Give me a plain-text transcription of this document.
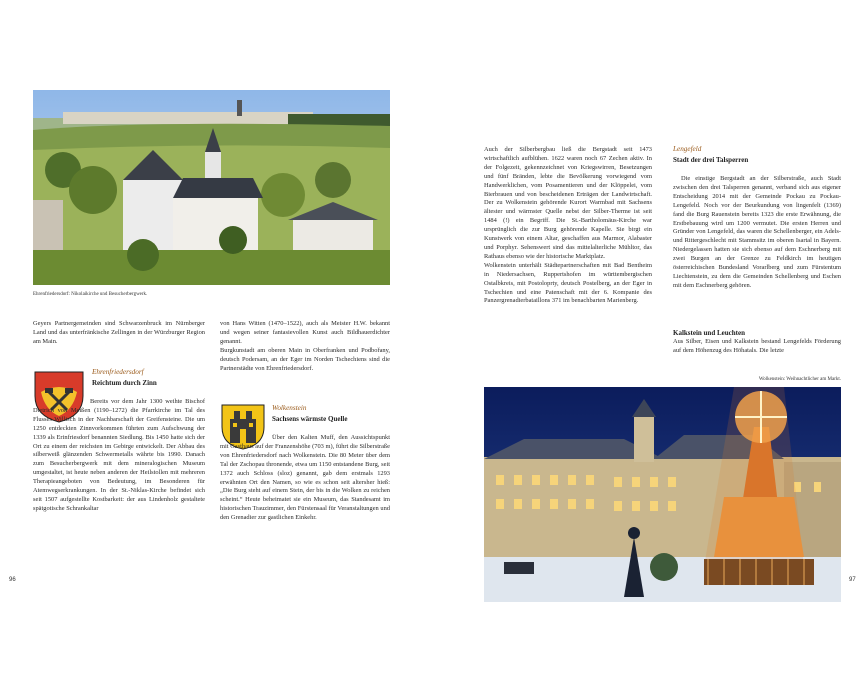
Ehrenfriedersdorf: Nikolaikirche und Besucherbergwerk.
Geyers Partnergemeinden sind Schwarzenbruck im Nürnberger Land und das unterfränkische Zellingen in der Würzburger Region am Main.

von Hans Witten (1470–1522), auch als Meister H.W. bekannt und wegen seiner fantasievollen Kunst auch Bildhauerdichter genannt.

Burgkunstadt am oberen Main in Oberfranken und Podbořany, deutsch Podersam, an der Eger im Norden Tschechiens sind die Partnerstädte von Ehrenfriedersdorf.

Ehrenfriedersdorf
Reichtum durch Zinn
Bereits vor dem Jahr 1300 weihte Bischof Dietrich von Meißen (1190–1272) die Pfarrkirche im Tal des Flusses Willisch in der Nachbarschaft der Greifensteine. Die um 1250 entdeckten Zinnvorkommen führten zum Aufschwung der 1339 als Erinfriesdorf benannten Siedlung. Bis 1450 hatte sich der Ort zu einem der reichsten im Gebirge entwickelt. Der Abbau des silberweiß glänzenden Schwermetalls währte bis 1990. Danach zum Besucherbergwerk mit dem mineralogischen Museum umgestaltet, ist heute neben anderen der Heilstollen mit mehreren Therapieangeboten von Bedeutung, im Besonderen für Atemwegserkrankungen. In der St.-Niklas-Kirche befindet sich seit 1507 aufgestellte Kostbarkeit: der aus Lindenholz gestaltete spätgotische Schrankaltar
Wolkenstein
Sachsens wärmste Quelle
Über den Kalten Muff, den Aussichtspunkt mit Gasthaus auf der Franzenshöhe (703 m), führt die Silberstraße von Ehrenfriedersdorf nach Wolkenstein. Die 80 Meter über dem Tal der Zschopau thronende, etwa um 1150 entstandene Burg, seit 1372 auch Schloss (sloz) genannt, gab dem erstmals 1293 erwähnten Ort den Namen, so wie es schon seit altersher hieß: „Die Burg steht auf einem Stein, der bis in die Wolken zu reichen scheint.“ Heute beheimatet sie ein Museum, das Standesamt im historischen Trauzimmer, den Fürstensaal für Veranstaltungen und den Grenadier zur gastlichen Einkehr.
96

Auch der Silberbergbau ließ die Bergstadt seit 1473 wirtschaftlich aufblühen. 1622 waren noch 67 Zechen aktiv. In der Folgezeit, gekennzeichnet von Kriegswirren, Besetzungen und fünf Bränden, lebte die Bevölkerung vorwiegend vom Handwerklichen, vom Posamentieren und der Klöppelei, vom Bierbrauen und von bescheidenen Erträgen der Landwirtschaft. Der zu Wolkenstein gehörende Kurort Warmbad mit Sachsens ältester und wärmster Quelle nebst der Silber-Therme ist seit 1484 (!) ein Begriff. Die St.-Bartholomäus-Kirche war ursprünglich die zur Burg gehörende Kapelle. Sie birgt ein Kunstwerk von einem Altar, geschaffen aus Marmor, Alabaster und Porphyr. Sehenswert sind das mittelalterliche Mühltor, das Rathaus ebenso wie der historische Marktplatz.

Wolkenstein unterhält Städtepartnerschaften mit Bad Bentheim in Niedersachsen, Ruppertshofen im württembergischen Ostalbkreis, mit Postoloprty, deutsch Postelberg, an der Eger in Tschechien und eine Patenschaft mit der 6. Kompanie des Panzergrenadierbataillons 371 im benachbarten Marienberg.

Lengefeld
Stadt der drei Talsperren
Die einstige Bergstadt an der Silberstraße, auch Stadt zwischen den drei Talsperren genannt, verband sich aus eigener Entscheidung 2014 mit der Gemeinde Pockau zu Pockau-Lengefeld. Noch vor der Beurkundung von lingenfelt (1369) fand die Burg Rauenstein bereits 1323 die erste Erwähnung, die Erstbebauung wird um 1200 vermutet. Die ersten Herren und Gründer von Lengefeld, das waren die Schellenberger, ein Adels- und Rittergeschlecht mit Stammsitz im oberen Isartal in Bayern. Niedergelassen hatten sie sich ebenso auf dem Eschnerberg mit zwei Burgen an der Grenze zu Feldkirch im heutigen österreichischen Bundesland Vorarlberg und zum Fürstentum Liechtenstein, zu dem die Gemeinden Schellenberg und Eschen mit dem Eschnerberg gehören.
Kalkstein und Leuchten
Aus Silber, Eisen und Kalkstein bestand Lengefelds Förderung auf dem Höhenzug des Höhatals. Die letzte
Wolkenstein: Weihnachtlicher am Markt.
97
